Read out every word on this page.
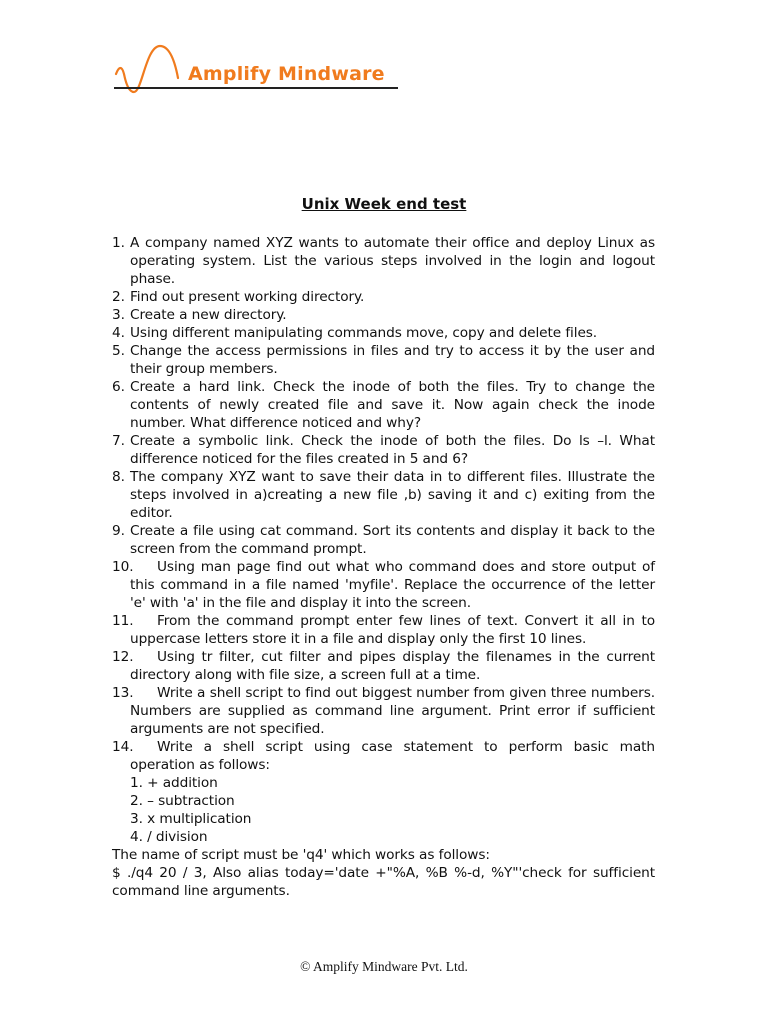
Amplify Mindware
Unix Week end test
1. A company named XYZ wants to automate their office and deploy Linux as operating system. List the various steps involved in the login and logout phase.
2. Find out present working directory.
3. Create a new directory.
4. Using different manipulating commands move, copy and delete files.
5. Change the access permissions in files and try to access it by the user and their group members.
6. Create a hard link. Check the inode of both the files. Try to change the contents of newly created file and save it. Now again check the inode number. What difference noticed and why?
7. Create a symbolic link. Check the inode of both the files. Do ls –l. What difference noticed for the files created in 5 and 6?
8. The company XYZ want to save their data in to different files. Illustrate the steps involved in a)creating a new file ,b) saving it and c) exiting from the editor.
9. Create a file using cat command. Sort its contents and display it back to the screen from the command prompt.
10.	Using man page find out what who command does and store output of this command in a file named 'myfile'. Replace the occurrence of the letter 'e' with 'a' in the file and display it into the screen.
11.	From the command prompt enter few lines of text. Convert it all in to uppercase letters store it in a file and display only the first 10 lines.
12.	Using tr filter, cut filter and pipes display the filenames in the current directory along with file size, a screen full at a time.
13.	Write a shell script to find out biggest number from given three numbers. Numbers are supplied as command line argument. Print error if sufficient arguments are not specified.
14.	Write a shell script using case statement to perform basic math operation as follows:
1. + addition
2. – subtraction
3. x multiplication
4. / division
The name of script must be 'q4' which works as follows:
$ ./q4 20 / 3, Also alias today='date +"%A, %B %-d, %Y"'check for sufficient command line arguments.
© Amplify Mindware Pvt. Ltd.
